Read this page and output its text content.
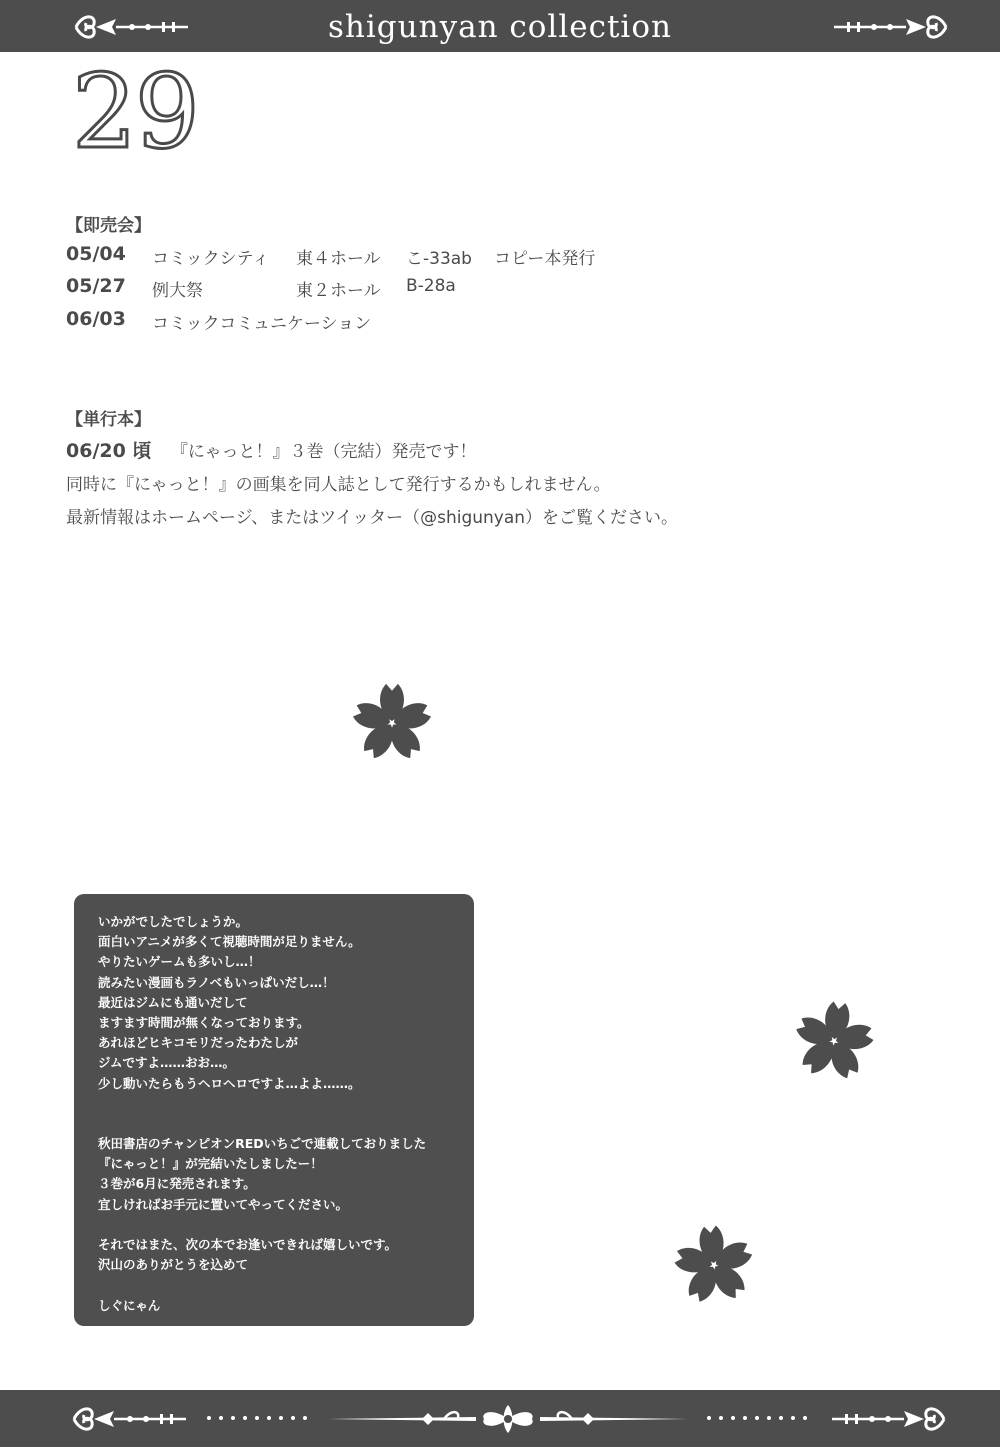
shigunyan collection
29
【即売会】
05/04 コミックシティ 東４ホール こ-33ab コピー本発行
05/27 例大祭	東２ホール B-28a
06/03 コミックコミュニケーション
【単行本】
06/20 頃 『にゃっと！』３巻（完結）発売です！
同時に『にゃっと！』の画集を同人誌として発行するかもしれません。
最新情報はホームページ、またはツイッター（@shigunyan）をご覧ください。
いかがでしたでしょうか。
面白いアニメが多くて視聴時間が足りません。
やりたいゲームも多いし…！
読みたい漫画もラノベもいっぱいだし…！
最近はジムにも通いだして
ますます時間が無くなっております。
あれほどヒキコモリだったわたしが
ジムですよ……おお…。
少し動いたらもうヘロヘロですよ…よよ……。
秋田書店のチャンピオンREDいちごで連載しておりました
『にゃっと！』が完結いたしましたー！
３巻が6月に発売されます。
宜しければお手元に置いてやってください。
それではまた、次の本でお逢いできれば嬉しいです。
沢山のありがとうを込めて
しぐにゃん
